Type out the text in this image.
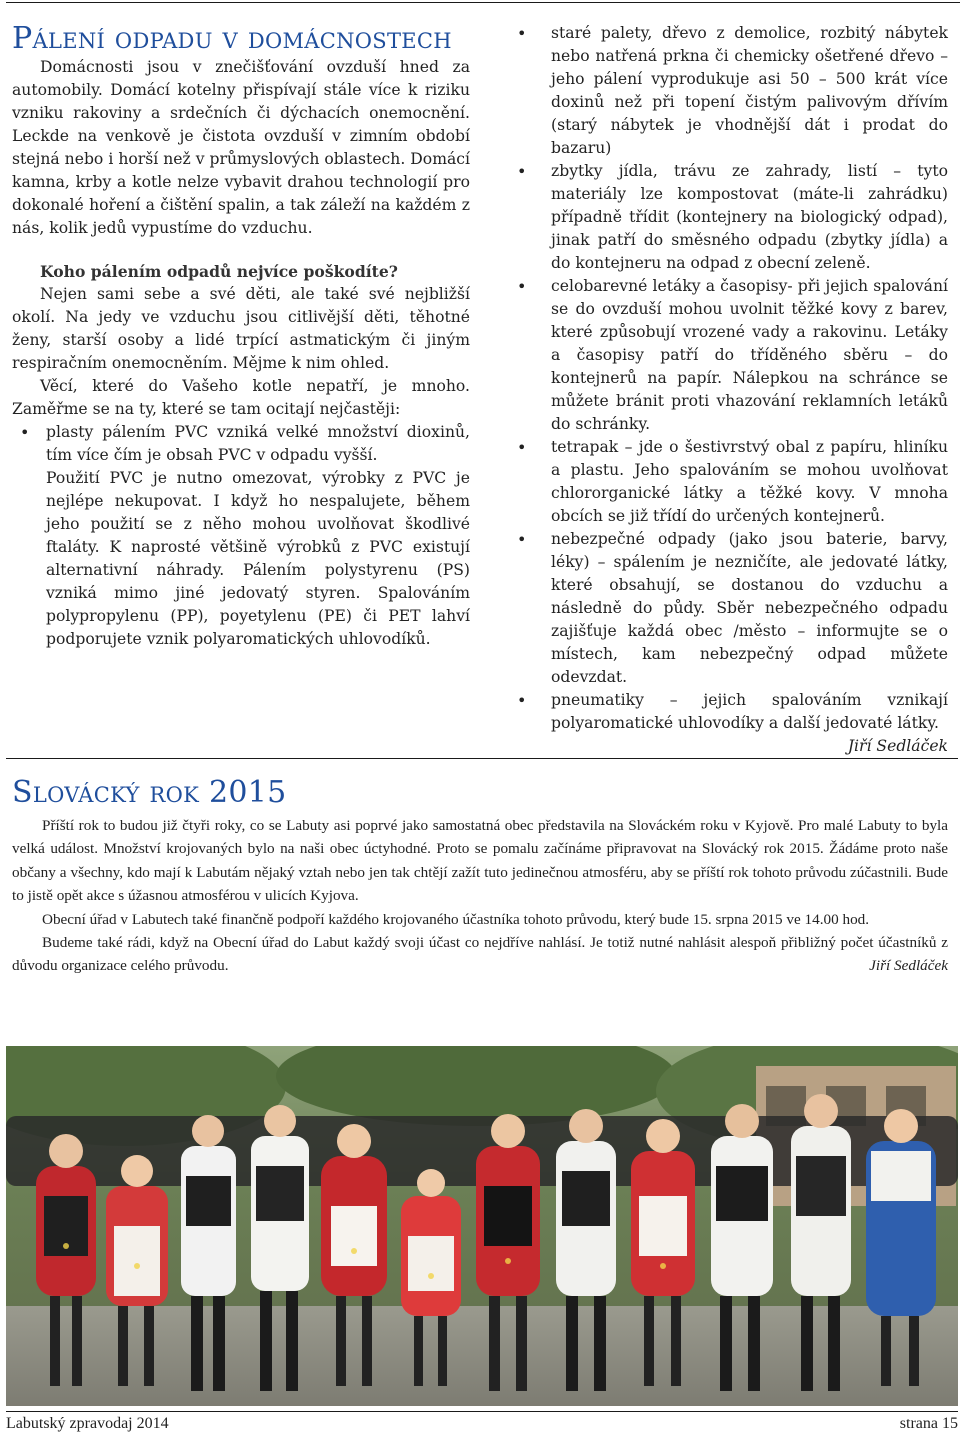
Pálení odpadu v domácnostech

Domácnosti jsou v znečišťování ovzduší hned za automobily. Domácí kotelny přispívají stále více k riziku vzniku rakoviny a srdečních či dýchacích onemocnění. Leckde na venkově je čistota ovzduší v zimním období stejná nebo i horší než v průmyslových oblastech. Domácí kamna, krby a kotle nelze vybavit drahou technologií pro dokonalé hoření a čištění spalin, a tak záleží na každém z nás, kolik jedů vypustíme do vzduchu.

Koho pálením odpadů nejvíce poškodíte?

Nejen sami sebe a své děti, ale také své nejbližší okolí. Na jedy ve vzduchu jsou citlivější děti, těhotné ženy, starší osoby a lidé trpící astmatickým či jiným respiračním onemocněním. Mějme k nim ohled.

Věcí, které do Vašeho kotle nepatří, je mnoho. Zaměřme se na ty, které se tam ocitají nejčastěji:

• plasty pálením PVC vzniká velké množství dioxinů, tím více čím je obsah PVC v odpadu vyšší.

Použití PVC je nutno omezovat, výrobky z PVC je nejlépe nekupovat. I když ho nespalujete, během jeho použití se z něho mohou uvolňovat škodlivé ftaláty. K naprosté většině výrobků z PVC existují alternativní náhrady. Pálením polystyrenu (PS) vzniká mimo jiné jedovatý styren. Spalováním polypropylenu (PP), poyetylenu (PE) či PET lahví podporujete vznik polyaromatických uhlovodíků.

• staré palety, dřevo z demolice, rozbitý nábytek nebo natřená prkna či chemicky ošetřené dřevo – jeho pálení vyprodukuje asi 50 – 500 krát více doxinů než při topení čistým palivovým dřívím (starý nábytek je vhodnější dát i prodat do bazaru)
• zbytky jídla, trávu ze zahrady, listí – tyto materiály lze kompostovat (máte-li zahrádku) případně třídit (kontejnery na biologický odpad), jinak patří do směsného odpadu (zbytky jídla) a do kontejneru na odpad z obecní zeleně.
• celobarevné letáky a časopisy- při jejich spalování se do ovzduší mohou uvolnit těžké kovy z barev, které způsobují vrozené vady a rakovinu. Letáky a časopisy patří do tříděného sběru – do kontejnerů na papír. Nálepkou na schránce se můžete bránit proti vhazování reklamních letáků do schránky.
• tetrapak – jde o šestivrstvý obal z papíru, hliníku a plastu. Jeho spalováním se mohou uvolňovat chlororganické látky a těžké kovy. V mnoha obcích se již třídí do určených kontejnerů.
• nebezpečné odpady (jako jsou baterie, barvy, léky) – spálením je nezničíte, ale jedovaté látky, které obsahují, se dostanou do vzduchu a následně do půdy. Sběr nebezpečného odpadu zajišťuje každá obec /město – informujte se o místech, kam nebezpečný odpad můžete odevzdat.
• pneumatiky – jejich spalováním vznikají polyaromatické uhlovodíky a další jedovaté látky.

Jiří Sedláček

Slovácký rok 2015

Příští rok to budou již čtyři roky, co se Labuty asi poprvé jako samostatná obec představila na Slováckém roku v Kyjově. Pro malé Labuty to byla velká událost. Množství krojovaných bylo na naši obec úctyhodné. Proto se pomalu začínáme připravovat na Slovácký rok 2015. Žádáme proto naše občany a všechny, kdo mají k Labutám nějaký vztah nebo jen tak chtějí zažít tuto jedinečnou atmosféru, aby se příští rok tohoto průvodu zúčastnili. Bude to jistě opět akce s úžasnou atmosférou v ulicích Kyjova.

Obecní úřad v Labutech také finančně podpoří každého krojovaného účastníka tohoto průvodu, který bude 15. srpna 2015 ve 14.00 hod.

Budeme také rádi, když na Obecní úřad do Labut každý svoji účast co nejdříve nahlásí. Je totiž nutné nahlásit alespoň přibližný počet účastníků z důvodu organizace celého průvodu.	Jiří Sedláček

Labutský zpravodaj 2014	strana 15
